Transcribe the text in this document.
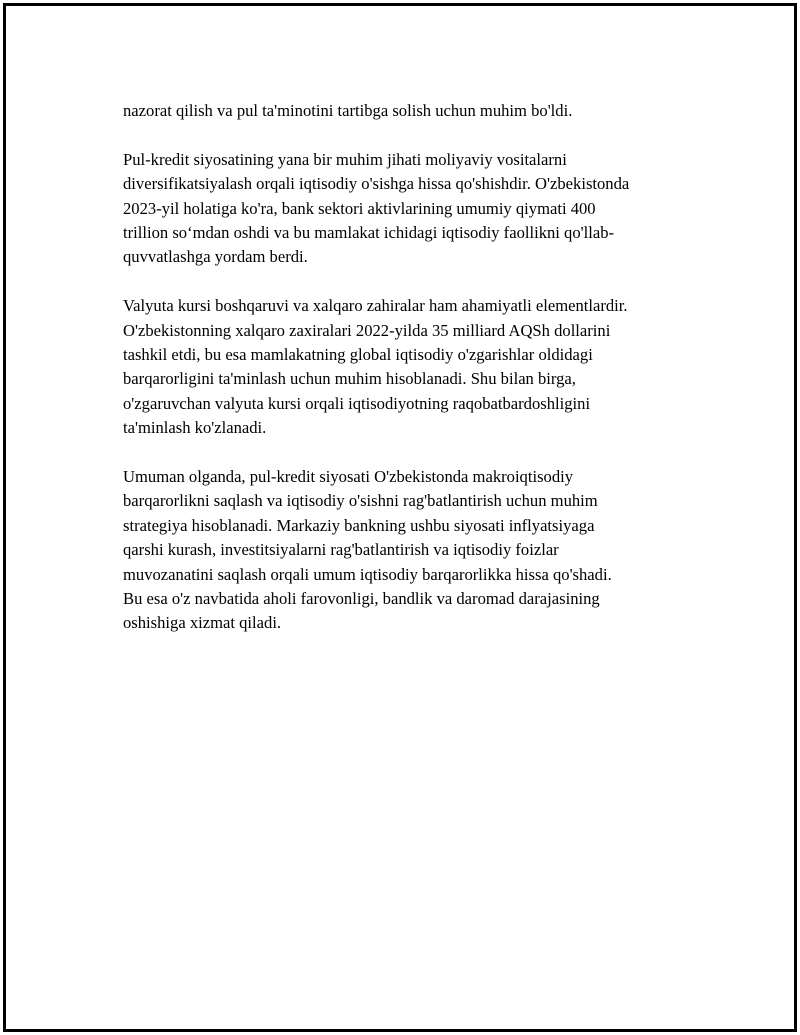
nazorat qilish va pul ta'minotini tartibga solish uchun muhim bo'ldi.

Pul-kredit siyosatining yana bir muhim jihati moliyaviy vositalarni
diversifikatsiyalash orqali iqtisodiy o'sishga hissa qo'shishdir. O'zbekistonda
2023-yil holatiga ko'ra, bank sektori aktivlarining umumiy qiymati 400
trillion so‘mdan oshdi va bu mamlakat ichidagi iqtisodiy faollikni qo'llab-
quvvatlashga yordam berdi.

Valyuta kursi boshqaruvi va xalqaro zahiralar ham ahamiyatli elementlardir.
O'zbekistonning xalqaro zaxiralari 2022-yilda 35 milliard AQSh dollarini
tashkil etdi, bu esa mamlakatning global iqtisodiy o'zgarishlar oldidagi
barqarorligini ta'minlash uchun muhim hisoblanadi. Shu bilan birga,
o'zgaruvchan valyuta kursi orqali iqtisodiyotning raqobatbardoshligini
ta'minlash ko'zlanadi.

Umuman olganda, pul-kredit siyosati O'zbekistonda makroiqtisodiy
barqarorlikni saqlash va iqtisodiy o'sishni rag'batlantirish uchun muhim
strategiya hisoblanadi. Markaziy bankning ushbu siyosati inflyatsiyaga
qarshi kurash, investitsiyalarni rag'batlantirish va iqtisodiy foizlar
muvozanatini saqlash orqali umum iqtisodiy barqarorlikka hissa qo'shadi.
Bu esa o'z navbatida aholi farovonligi, bandlik va daromad darajasining
oshishiga xizmat qiladi.
